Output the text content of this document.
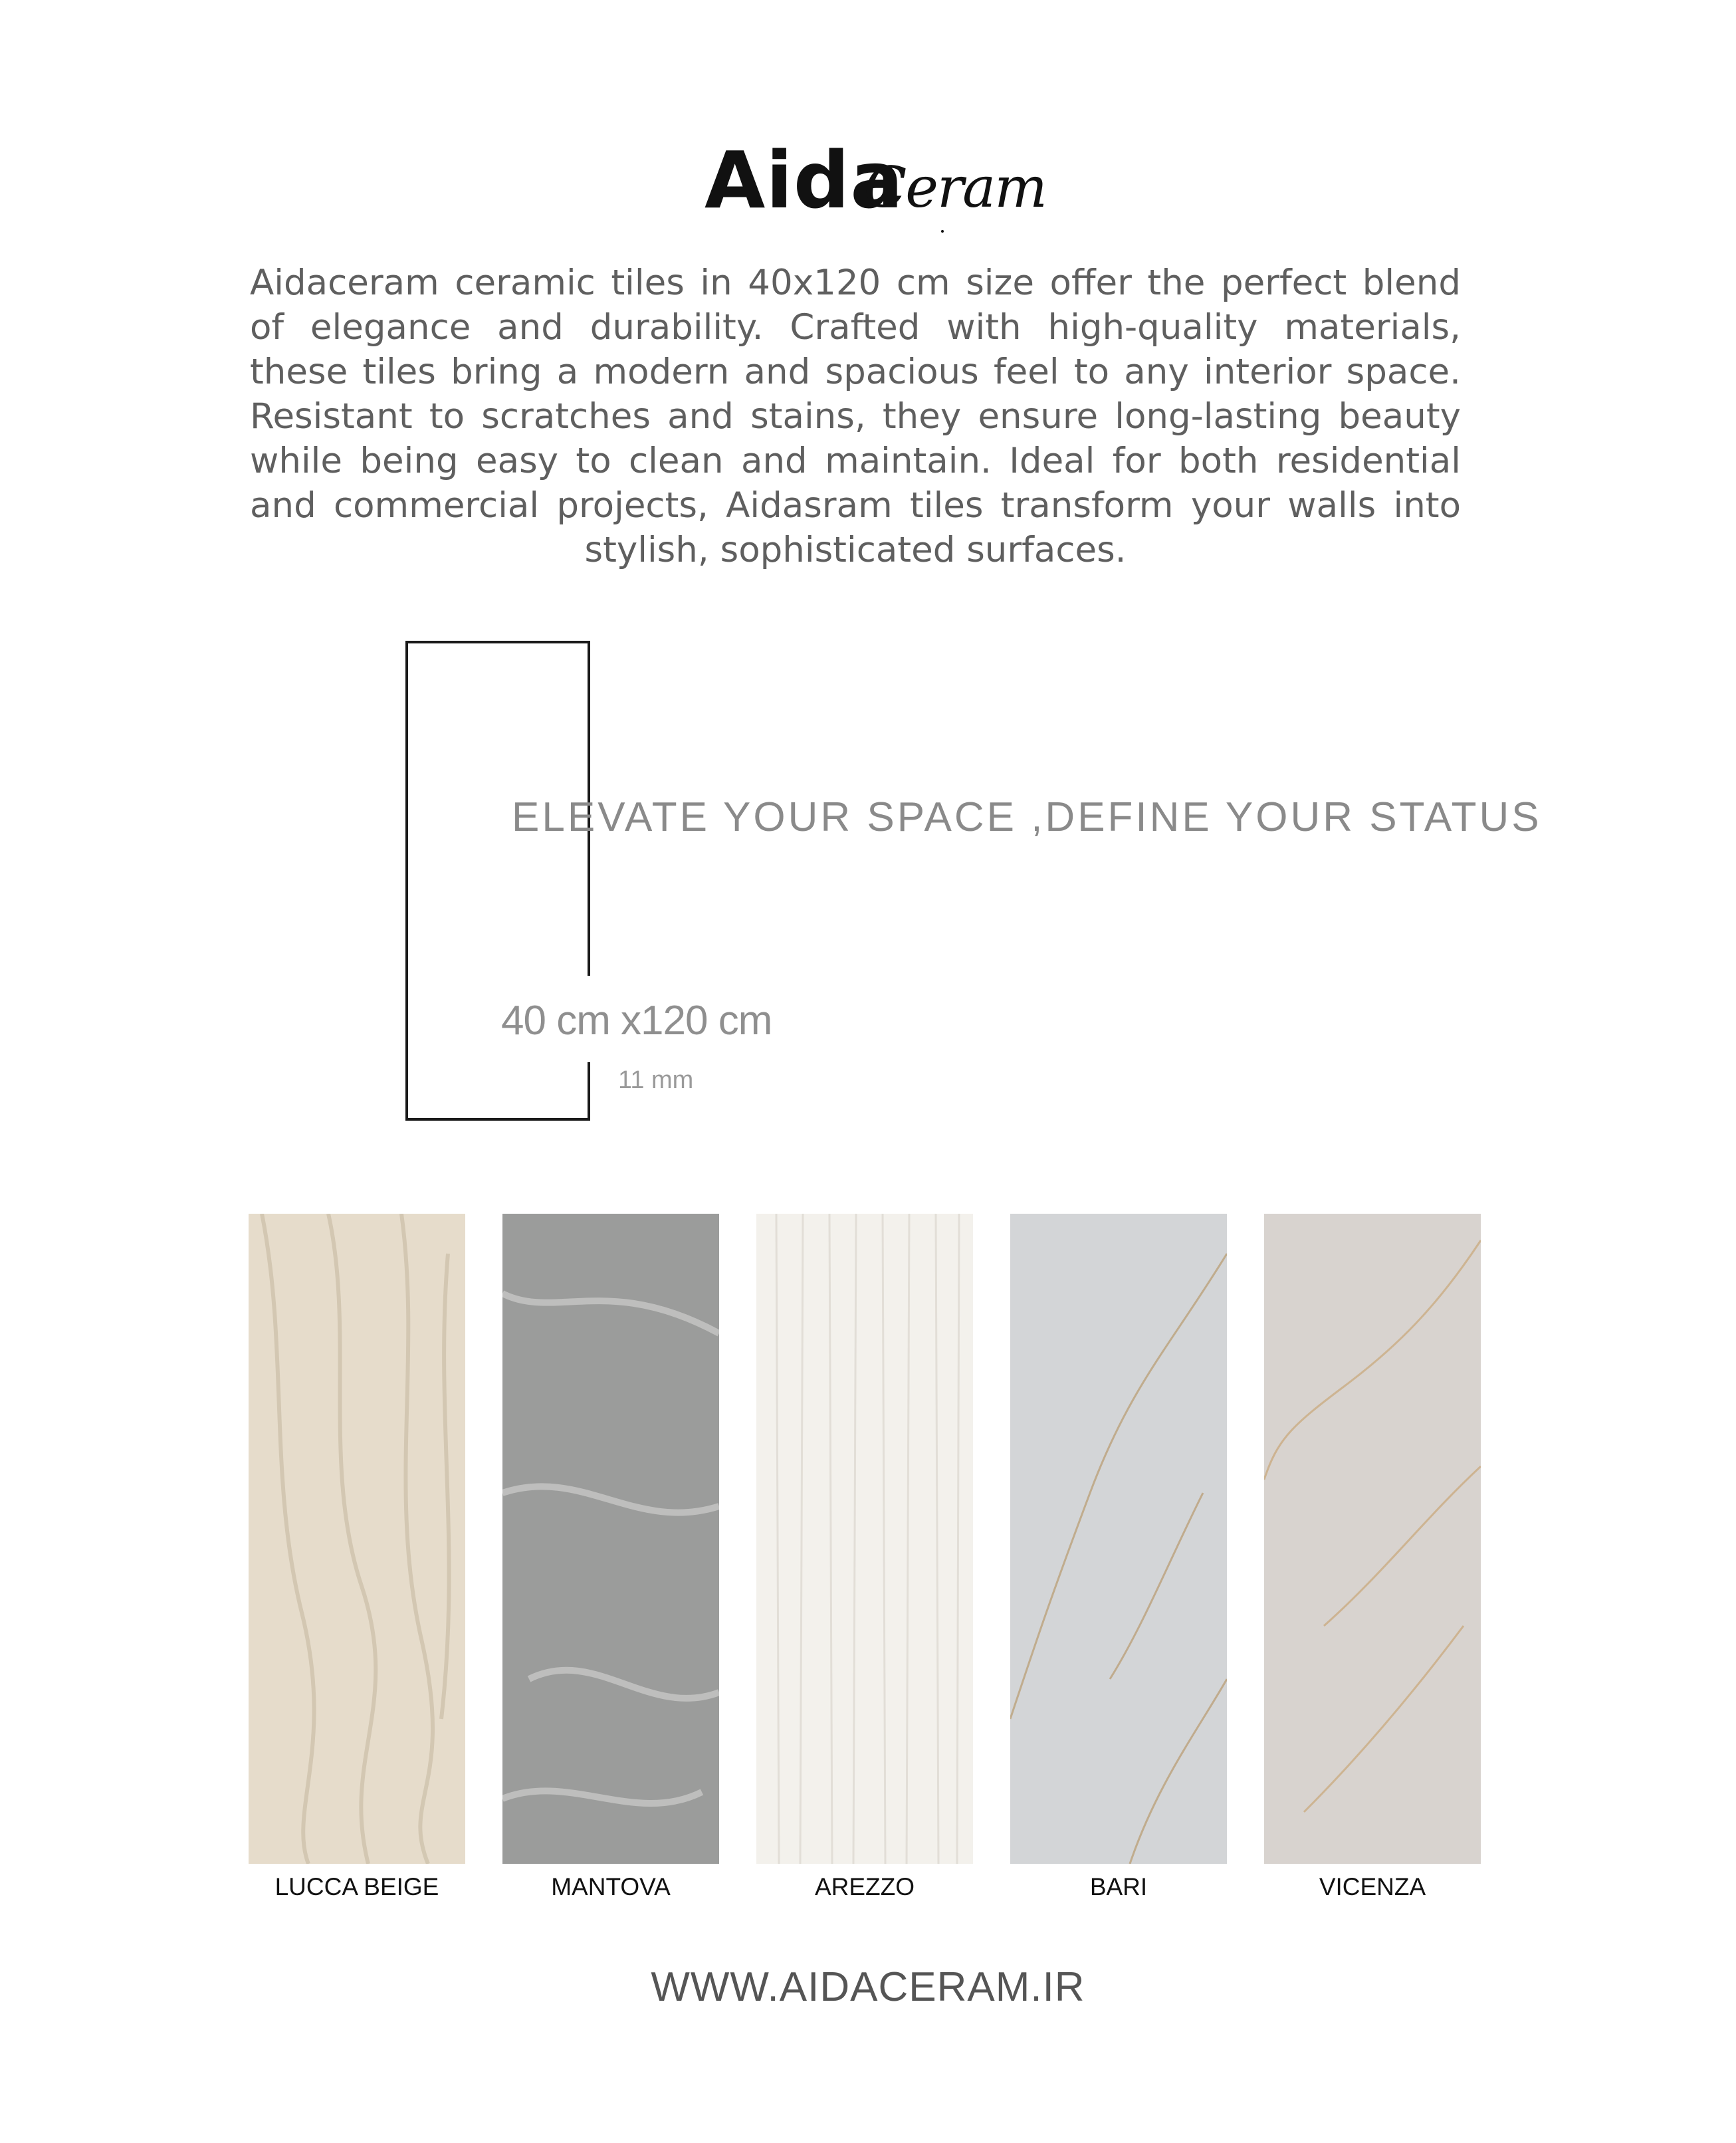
Aida
Ceram

Aidaceram ceramic tiles in 40x120 cm size offer the perfect blend of elegance and durability. Crafted with high-quality materials, these tiles bring a modern and spacious feel to any interior space. Resistant to scratches and stains, they ensure long-lasting beauty while being easy to clean and maintain. Ideal for both residential and commercial projects, Aidasram tiles transform your walls into stylish, sophisticated surfaces.

ELEVATE YOUR SPACE ,DEFINE YOUR STATUS
40 cm x120 cm
11 mm
LUCCA BEIGE	MANTOVA	AREZZO	BARI	VICENZA
WWW.AIDACERAM.IR
